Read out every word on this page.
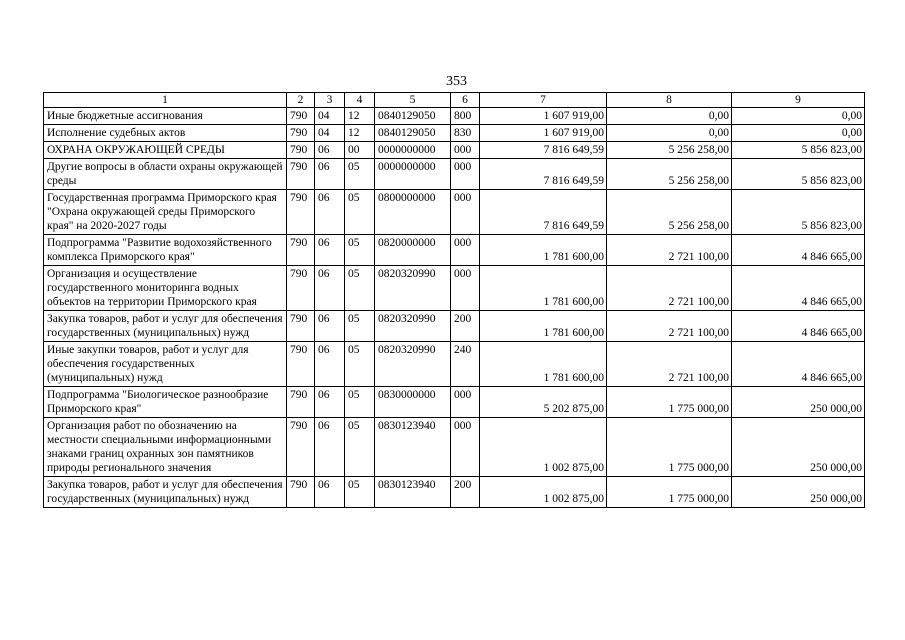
353
1	2	3	4	5	6	7	8	9
Иные бюджетные ассигнования	790	04	12	0840129050	800	1 607 919,00	0,00	0,00
Исполнение судебных актов	790	04	12	0840129050	830	1 607 919,00	0,00	0,00
ОХРАНА ОКРУЖАЮЩЕЙ СРЕДЫ	790	06	00	0000000000	000	7 816 649,59	5 256 258,00	5 856 823,00
Другие вопросы в области охраны окружающей среды	790	06	05	0000000000	000	7 816 649,59	5 256 258,00	5 856 823,00
Государственная программа Приморского края "Охрана окружающей среды Приморского края" на 2020-2027 годы	790	06	05	0800000000	000	7 816 649,59	5 256 258,00	5 856 823,00
Подпрограмма "Развитие водохозяйственного комплекса Приморского края"	790	06	05	0820000000	000	1 781 600,00	2 721 100,00	4 846 665,00
Организация и осуществление государственного мониторинга водных объектов на территории Приморского края	790	06	05	0820320990	000	1 781 600,00	2 721 100,00	4 846 665,00
Закупка товаров, работ и услуг для обеспечения государственных (муниципальных) нужд	790	06	05	0820320990	200	1 781 600,00	2 721 100,00	4 846 665,00
Иные закупки товаров, работ и услуг для обеспечения государственных (муниципальных) нужд	790	06	05	0820320990	240	1 781 600,00	2 721 100,00	4 846 665,00
Подпрограмма "Биологическое разнообразие Приморского края"	790	06	05	0830000000	000	5 202 875,00	1 775 000,00	250 000,00
Организация работ по обозначению на местности специальными информационными знаками границ охранных зон памятников природы регионального значения	790	06	05	0830123940	000	1 002 875,00	1 775 000,00	250 000,00
Закупка товаров, работ и услуг для обеспечения государственных (муниципальных) нужд	790	06	05	0830123940	200	1 002 875,00	1 775 000,00	250 000,00
